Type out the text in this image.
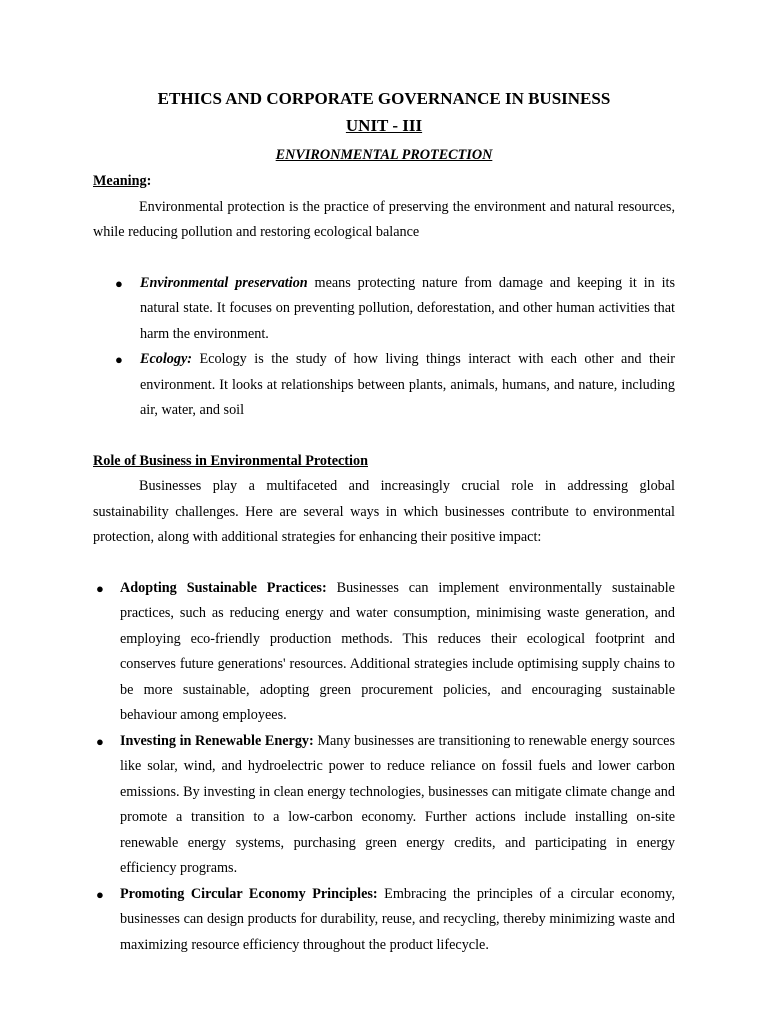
ETHICS AND CORPORATE GOVERNANCE IN BUSINESS
UNIT - III
ENVIRONMENTAL PROTECTION
Meaning:

Environmental protection is the practice of preserving the environment and natural resources, while reducing pollution and restoring ecological balance

● Environmental preservation means protecting nature from damage and keeping it in its natural state. It focuses on preventing pollution, deforestation, and other human activities that harm the environment.
● Ecology: Ecology is the study of how living things interact with each other and their environment. It looks at relationships between plants, animals, humans, and nature, including air, water, and soil
Role of Business in Environmental Protection

Businesses play a multifaceted and increasingly crucial role in addressing global sustainability challenges. Here are several ways in which businesses contribute to environmental protection, along with additional strategies for enhancing their positive impact:

● Adopting Sustainable Practices: Businesses can implement environmentally sustainable practices, such as reducing energy and water consumption, minimising waste generation, and employing eco-friendly production methods. This reduces their ecological footprint and conserves future generations' resources. Additional strategies include optimising supply chains to be more sustainable, adopting green procurement policies, and encouraging sustainable behaviour among employees.
● Investing in Renewable Energy: Many businesses are transitioning to renewable energy sources like solar, wind, and hydroelectric power to reduce reliance on fossil fuels and lower carbon emissions. By investing in clean energy technologies, businesses can mitigate climate change and promote a transition to a low-carbon economy. Further actions include installing on-site renewable energy systems, purchasing green energy credits, and participating in energy efficiency programs.
● Promoting Circular Economy Principles: Embracing the principles of a circular economy, businesses can design products for durability, reuse, and recycling, thereby minimizing waste and maximizing resource efficiency throughout the product lifecycle.
